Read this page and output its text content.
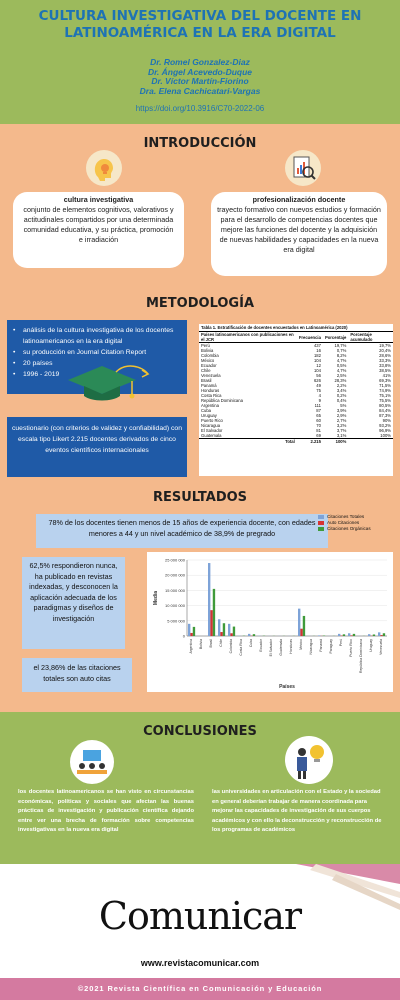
CULTURA INVESTIGATIVA DEL DOCENTE EN LATINOAMÉRICA EN LA ERA DIGITAL
Dr. Romel Gonzalez-Diaz
Dr. Ángel Acevedo-Duque
Dr. Víctor Martín-Fiorino
Dra. Elena Cachicatari-Vargas
https://doi.org/10.3916/C70-2022-06
INTRODUCCIÓN
cultura investigativa
conjunto de elementos cognitivos, valorativos y actitudinales compartidos por una determinada comunidad educativa, y su práctica, promoción e irradiación
profesionalización docente
trayecto formativo con nuevos estudios y formación para el desarrollo de competencias docentes que mejore las funciones del docente y la adquisición de nuevas habilidades y capacidades en la nueva era digital
METODOLOGÍA
• análisis de la cultura investigativa de los docentes latinoamericanos en la era digital
• su producción en Journal Citation Report
• 20 países
• 1996 - 2019
cuestionario (con criterios de validez y confiabilidad) con escala tipo Likert 2.215 docentes derivados de cinco eventos científicos internacionales
Tabla 1. Estratificación de docentes encuestados en Latinoamérica (2020)
Países latinoamericanos con publicaciones en el JCR	Frecuencia	Porcentaje	Porcentaje acumulado
Perú	437	19,7%	19,7%
Bolivia	16	0,7%	20,4%
Colombia	182	8,2%	28,6%
México	104	4,7%	33,3%
Ecuador	12	0,5%	33,8%
Chile	104	4,7%	38,5%
Venezuela	56	2,5%	41%
Brasil	626	28,3%	69,3%
Panamá	49	2,2%	71,5%
Honduras	75	3,4%	74,9%
Costa Rica	4	0,2%	75,1%
República Dominicana	9	0,4%	75,5%
Argentina	111	5%	80,5%
Cuba	87	3,9%	84,4%
Uruguay	65	2,9%	87,3%
Puerto Rico	60	2,7%	90%
Nicaragua	70	3,2%	93,2%
El Salvador	81	3,7%	96,9%
Guatemala	69	3,1%	100%
Total	2.215	100%	
RESULTADOS
78% de los docentes tienen menos de 15 años de experiencia docente, con edades menores a 44 y un nivel académico de 38,9% de pregrado
Citaciones Totales
Auto Citaciones
Citaciones Orgánicas
62,5% respondieron nunca, ha publicado en revistas indexadas, y desconocen la aplicación adecuada de los paradigmas y diseños de investigación
el 23,86% de las citaciones totales son auto citas
0
5 000 000
10 000 000
15 000 000
20 000 000
25 000 000
Media
Países
Argentina Bolivia Brasil Chile Colombia Costa Rica Cuba Ecuador El Salvador Guatemala Honduras México Nicaragua Panamá Paraguay Perú Puerto Rico República Dominicana Uruguay Venezuela
CONCLUSIONES
los docentes latinoamericanos se han visto en circunstancias económicas, políticas y sociales que afectan las buenas prácticas de investigación y publicación científica dejando entre ver una brecha de formación sobre competencias investigativas en la nueva era digital
las universidades en articulación con el Estado y la sociedad en general deberían trabajar de manera coordinada para mejorar las capacidades de investigación de sus cuerpos académicos y con ello la deconstrucción y reconstrucción de los programas de académicos
Comunicar
www.revistacomunicar.com
©2021 Revista Científica en Comunicación y Educación
